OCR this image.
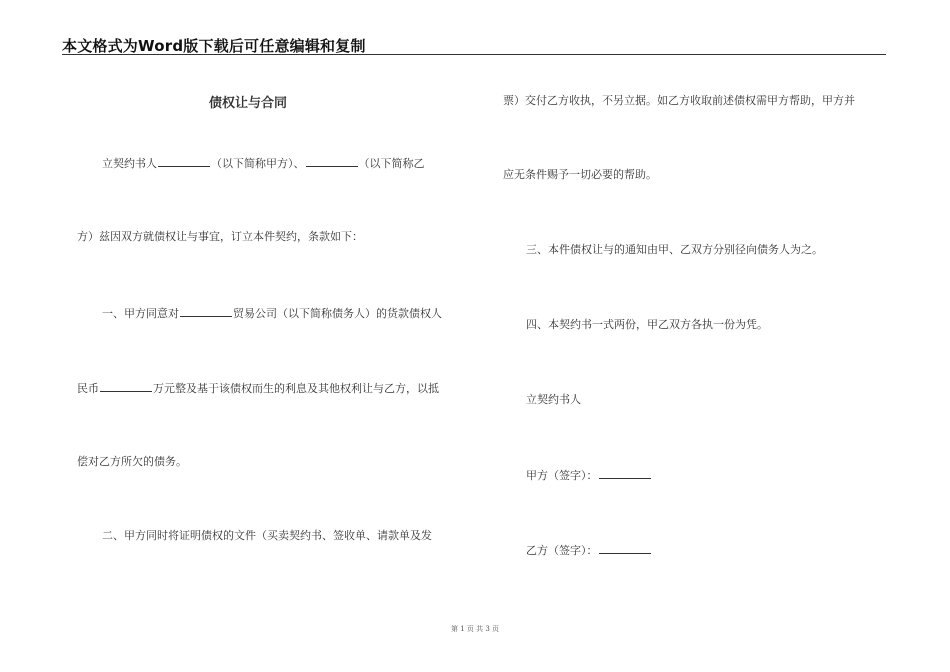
本文格式为Word版下载后可任意编辑和复制
债权让与合同
立契约书人	（以下简称甲方）、	（以下简称乙
方）兹因双方就债权让与事宜，订立本件契约，条款如下：
一、甲方同意对	贸易公司（以下简称债务人）的货款债权人
民币	万元整及基于该债权而生的利息及其他权利让与乙方，以抵
偿对乙方所欠的债务。
二、甲方同时将证明债权的文件（买卖契约书、签收单、请款单及发
票）交付乙方收执，不另立据。如乙方收取前述债权需甲方帮助，甲方并
应无条件赐予一切必要的帮助。
三、本件债权让与的通知由甲、乙双方分别径向债务人为之。
四、本契约书一式两份，甲乙双方各执一份为凭。
立契约书人
甲方（签字）：
乙方（签字）：
第 1 页 共 3 页
